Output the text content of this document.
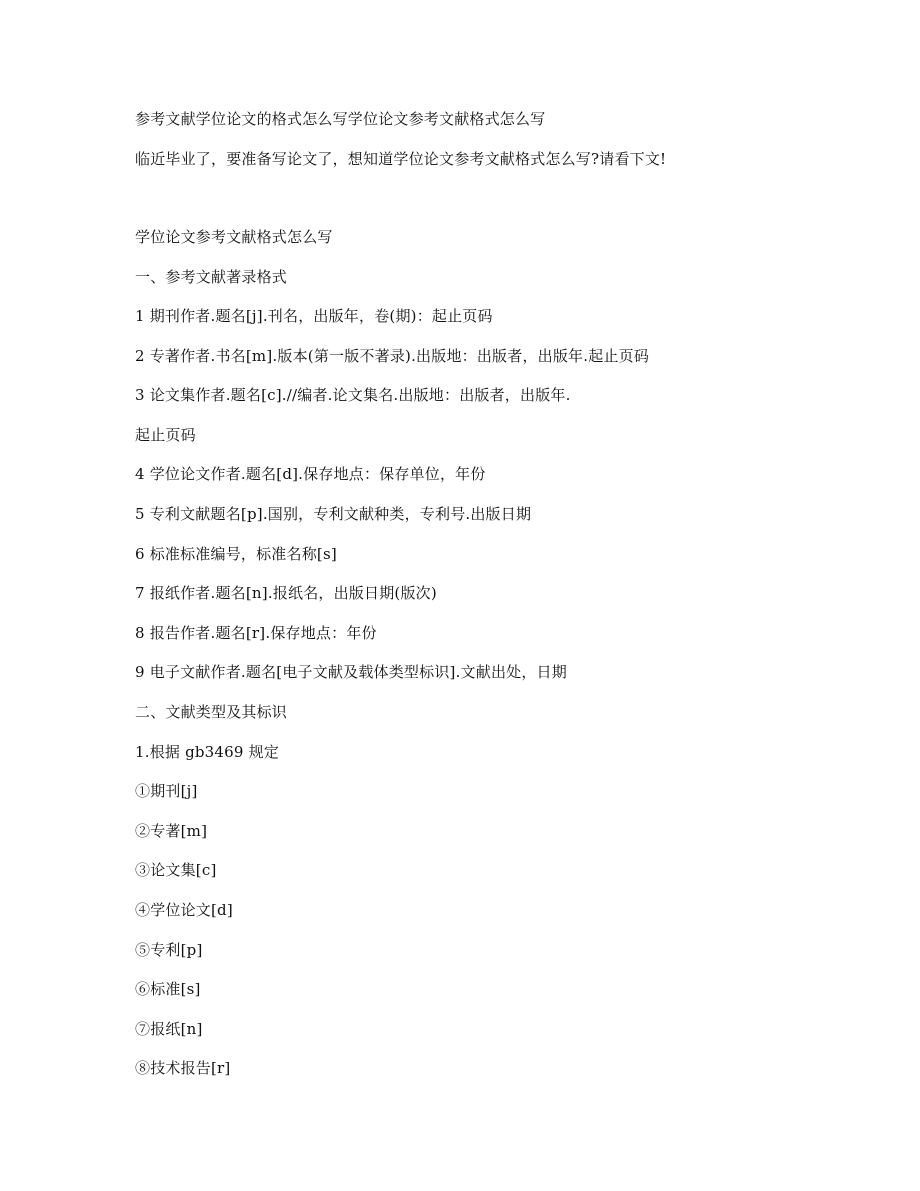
参考文献学位论文的格式怎么写学位论文参考文献格式怎么写
临近毕业了，要准备写论文了，想知道学位论文参考文献格式怎么写?请看下文!
学位论文参考文献格式怎么写
一、参考文献著录格式
1 期刊作者.题名[j].刊名，出版年，卷(期)：起止页码
2 专著作者.书名[m].版本(第一版不著录).出版地：出版者，出版年.起止页码
3 论文集作者.题名[c].//编者.论文集名.出版地：出版者，出版年.
起止页码
4 学位论文作者.题名[d].保存地点：保存单位，年份
5 专利文献题名[p].国别，专利文献种类，专利号.出版日期
6 标准标准编号，标准名称[s]
7 报纸作者.题名[n].报纸名，出版日期(版次)
8 报告作者.题名[r].保存地点：年份
9 电子文献作者.题名[电子文献及载体类型标识].文献出处，日期
二、文献类型及其标识
1.根据 gb3469 规定
①期刊[j]
②专著[m]
③论文集[c]
④学位论文[d]
⑤专利[p]
⑥标准[s]
⑦报纸[n]
⑧技术报告[r]
